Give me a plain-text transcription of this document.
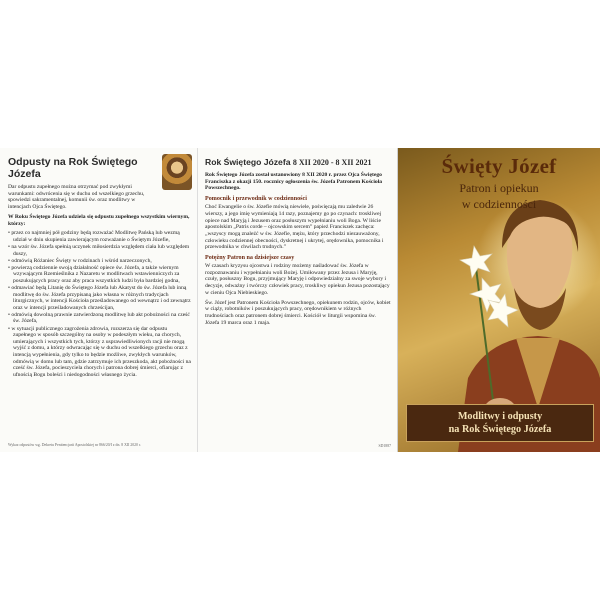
Odpusty na Rok Świętego Józefa
Dar odpustu zupełnego można otrzymać pod zwykłymi warunkami: odwrócenia się w duchu od wszelkiego grzechu, spowiedzi sakramentalnej, komunii św. oraz modlitwy w intencjach Ojca Świętego.
W Roku Świętego Józefa udziela się odpustu zupełnego wszystkim wiernym, którzy:
• przez co najmniej pół godziny będą rozważać Modlitwę Pańską lub wezmą udział w dniu skupienia zawierającym rozważanie o Świętym Józefie,
• na wzór św. Józefa spełnią uczynek miłosierdzia względem ciała lub względem duszy,
• odmówią Różaniec Święty w rodzinach i wśród narzeczonych,
• powierzą codziennie swoją działalność opiece św. Józefa, a także wiernym wzywającym Rzemieślnika z Nazaretu w modlitwach wstawienniczych za poszukujących pracy oraz aby praca wszystkich ludzi była bardziej godna,
• odmawiać będą Litanię do Świętego Józefa lub Akatyst do św. Józefa lub inną modlitwę do św. Józefa przypisaną jako własna w różnych tradycjach liturgicznych, w intencji Kościoła prześladowanego od wewnątrz i od zewnątrz oraz w intencji prześladowanych chrześcijan,
• odmówią dowolną prawnie zatwierdzoną modlitwę lub akt pobożności na cześć św. Józefa,
• w sytuacji publicznego zagrożenia zdrowia, rozszerza się dar odpustu zupełnego w sposób szczególny na osoby w podeszłym wieku, na chorych, umierających i wszystkich tych, którzy z usprawiedliwionych racji nie mogą wyjść z domu, a którzy odwracając się w duchu od wszelkiego grzechu oraz z intencją wypełnienia, gdy tylko to będzie możliwe, zwykłych warunków, odmówią w domu lub tam, gdzie zatrzymuje ich przeszkoda, akt pobożności na cześć św. Józefa, pocieszyciela chorych i patrona dobrej śmierci, ofiarując z ufnością Bogu boleści i niedogodności własnego życia.
Wykaz odpustów wg. Dekretu Penitencjarii Apostolskiej nr 866/20/I z dn. 8 XII 2020 r.
Rok Świętego Józefa 8 XII 2020 - 8 XII 2021
Rok Świętego Józefa został ustanowiony 8 XII 2020 r. przez Ojca Świętego Franciszka z okazji 150. rocznicy ogłoszenia św. Józefa Patronem Kościoła Powszechnego.
Pomocnik i przewodnik w codzienności
Choć Ewangelie o św. Józefie mówią niewiele, poświęcają mu zaledwie 26 wierszy, a jego imię wymieniają 14 razy, poznajemy go po czynach: troskliwej opiece nad Maryją i Jezusem oraz posłuszym wypełnianiu woli Boga. W liście apostolskim „Patris corde – ojcowskim sercem” papież Franciszek zachęca: „wszyscy mogą znaleźć w św. Józefie, mężu, który przechodzi niezauważony, człowieku codziennej obecności, dyskretnej i ukrytej, orędownika, pomocnika i przewodnika w chwilach trudnych.”
Potężny Patron na dzisiejsze czasy
W czasach kryzysu ojcostwa i rodziny możemy naśladować św. Józefa w rozpoznawaniu i wypełnianiu woli Bożej. Umiłowany przez Jezusa i Maryję, czuły, posłuszny Bogu, przyjmujący Maryję i odpowiedzialny za swoje wybory i decyzje, odważny i twórczy człowiek pracy, troskliwy opiekun Jezusa pozostający w cieniu Ojca Niebieskiego.
Św. Józef jest Patronem Kościoła Powszechnego, opiekunem rodzin, ojców, kobiet w ciąży, robotników i poszukujących pracy, orędownikiem w różnych trudnościach oraz patronem dobrej śmierci. Kościół w liturgii wspomina św. Józefa 19 marca oraz 1 maja.
SD1887
Święty Józef
Patron i opiekun
w codzienności
Modlitwy i odpusty
na Rok Świętego Józefa
